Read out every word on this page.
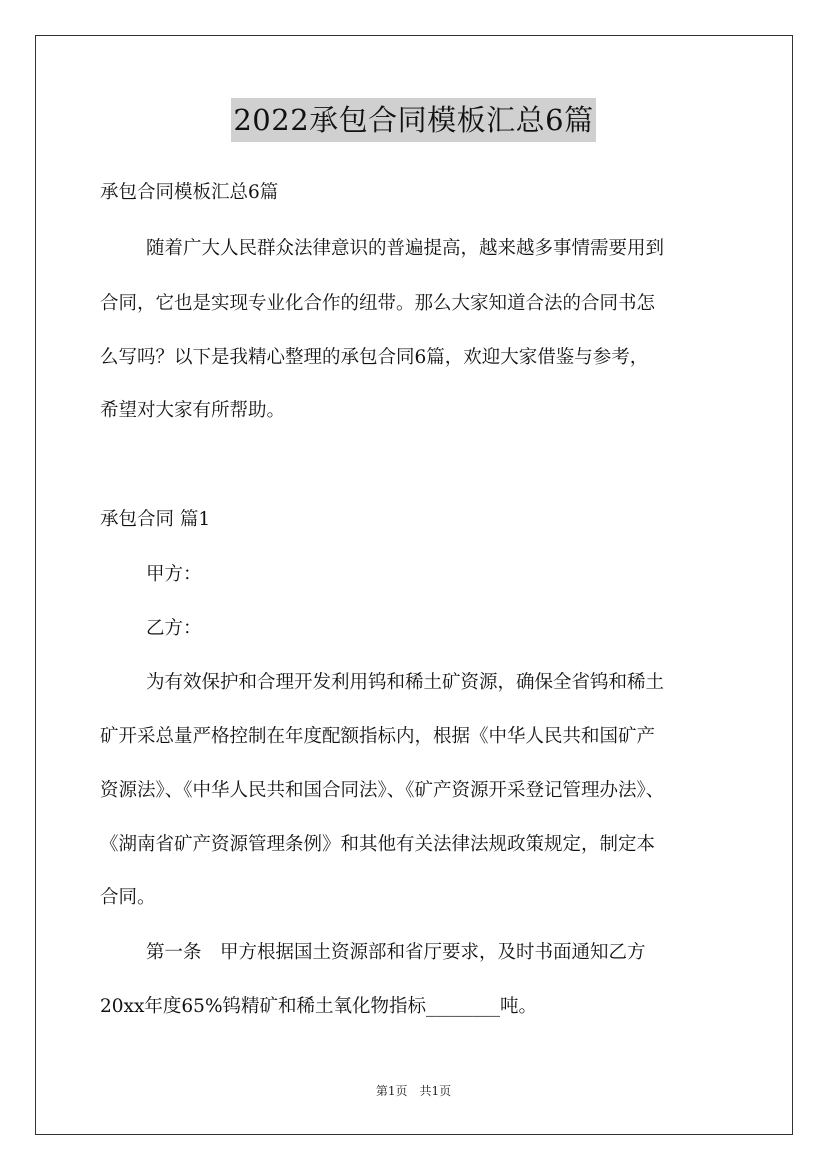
2022承包合同模板汇总6篇

承包合同模板汇总6篇

随着广大人民群众法律意识的普遍提高，越来越多事情需要用到

合同，它也是实现专业化合作的纽带。那么大家知道合法的合同书怎

么写吗？以下是我精心整理的承包合同6篇，欢迎大家借鉴与参考，

希望对大家有所帮助。

承包合同 篇1

甲方：

乙方：

为有效保护和合理开发利用钨和稀土矿资源，确保全省钨和稀土

矿开采总量严格控制在年度配额指标内，根据《中华人民共和国矿产

资源法》、《中华人民共和国合同法》、《矿产资源开采登记管理办法》、

《湖南省矿产资源管理条例》和其他有关法律法规政策规定，制定本

合同。

第一条　甲方根据国土资源部和省厅要求，及时书面通知乙方

20xx年度65%钨精矿和稀土氧化物指标________吨。

第1页　共1页
